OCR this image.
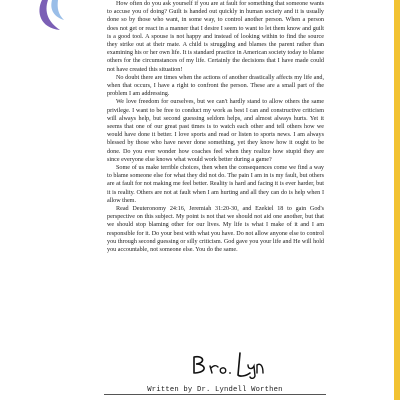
How often do you ask yourself if you are at fault for something that someone wants to accuse you of doing? Guilt is handed out quickly in human society and it is usually done so by those who want, in some way, to control another person. When a person does not get or react in a manner that I desire I seem to want to let them know and guilt is a good tool. A spouse is not happy and instead of looking within to find the source they strike out at their mate. A child is struggling and blames the parent rather than examining his or her own life. It is standard practice in American society today to blame others for the circumstances of my life. Certainly the decisions that I have made could not have created this situation!

No doubt there are times when the actions of another drastically affects my life and, when that occurs, I have a right to confront the person. These are a small part of the problem I am addressing.

We love freedom for ourselves, but we can't hardly stand to allow others the same privilege. I want to be free to conduct my work as best I can and constructive criticism will always help, but second guessing seldom helps, and almost always hurts. Yet it seems that one of our great past times is to watch each other and tell others how we would have done it better. I love sports and read or listen to sports news. I am always blessed by those who have never done something, yet they know how it ought to be done. Do you ever wonder how coaches feel when they realize how stupid they are since everyone else knows what would work better during a game?

Some of us make terrible choices, then when the consequences come we find a way to blame someone else for what they did not do. The pain I am in is my fault, but others are at fault for not making me feel better. Reality is hard and facing it is ever harder, but it is reality. Others are not at fault when I am hurting and all they can do is help when I allow them.

Read Deuteronomy 24:16, Jeremiah 31:20-30, and Ezekiel 18 to gain God's perspective on this subject. My point is not that we should not aid one another, but that we should stop blaming other for our lives. My life is what I make of it and I am responsible for it. Do your best with what you have. Do not allow anyone else to control you through second guessing or silly criticism. God gave you your life and He will hold you accountable, not someone else. You do the same.

Written by Dr. Lyndell Worthen
